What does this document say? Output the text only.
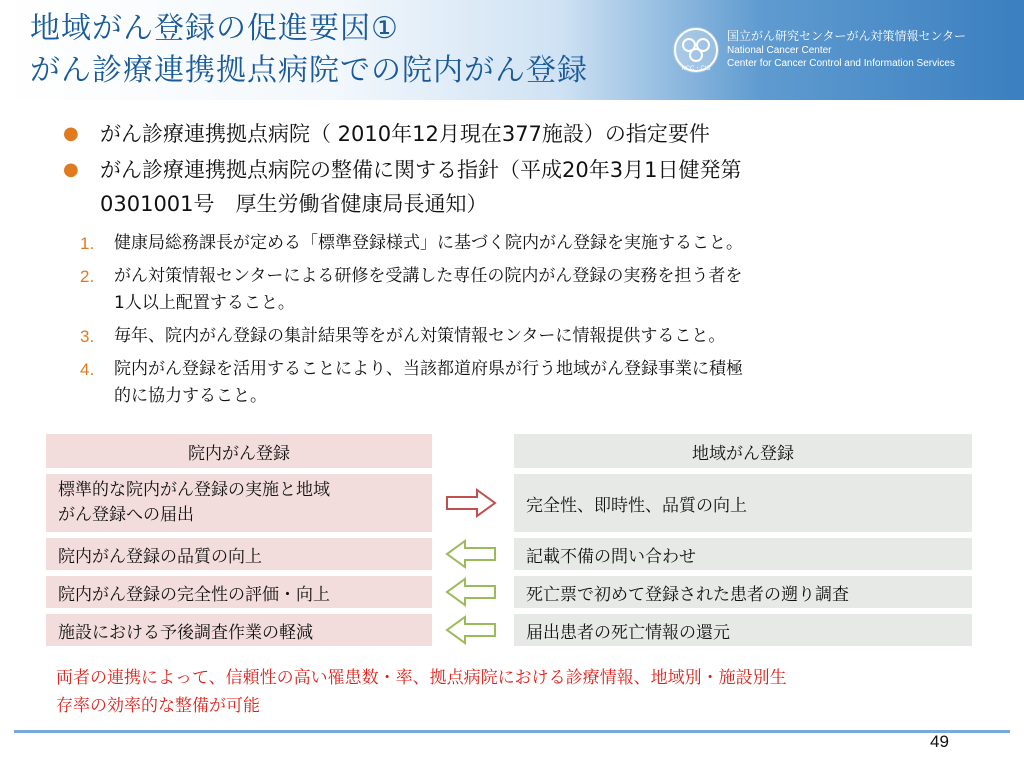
地域がん登録の促進要因①
がん診療連携拠点病院での院内がん登録	NCC・CIS
国立がん研究センターがん対策情報センター
National Cancer Center
Center for Cancer Control and Information Services
● がん診療連携拠点病院（ 2010年12月現在377施設）の指定要件
● がん診療連携拠点病院の整備に関する指針（平成20年3月1日健発第
0301001号　厚生労働省健康局長通知）
1. 健康局総務課長が定める「標準登録様式」に基づく院内がん登録を実施すること。
2. がん対策情報センターによる研修を受講した専任の院内がん登録の実務を担う者を
1人以上配置すること。
3. 毎年、院内がん登録の集計結果等をがん対策情報センターに情報提供すること。
4. 院内がん登録を活用することにより、当該都道府県が行う地域がん登録事業に積極
的に協力すること。
院内がん登録	地域がん登録
標準的な院内がん登録の実施と地域
がん登録への届出	完全性、即時性、品質の向上
院内がん登録の品質の向上	記載不備の問い合わせ
院内がん登録の完全性の評価・向上	死亡票で初めて登録された患者の遡り調査
施設における予後調査作業の軽減	届出患者の死亡情報の還元
両者の連携によって、信頼性の高い罹患数・率、拠点病院における診療情報、地域別・施設別生
存率の効率的な整備が可能
49
